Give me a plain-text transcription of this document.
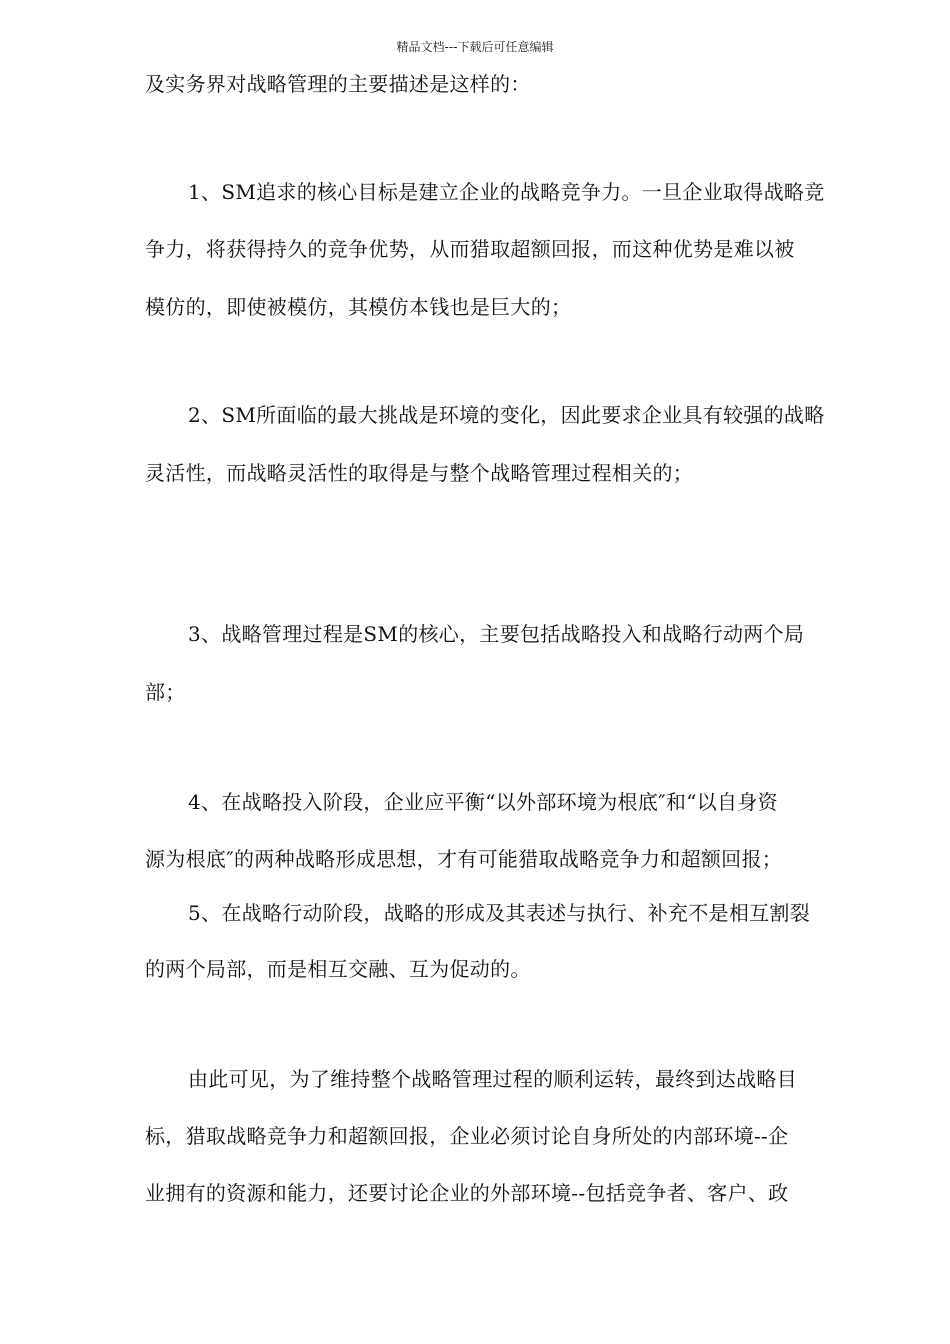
精品文档---下载后可任意编辑
及实务界对战略管理的主要描述是这样的：
1、SM追求的核心目标是建立企业的战略竞争力。一旦企业取得战略竞
争力，将获得持久的竞争优势，从而猎取超额回报，而这种优势是难以被
模仿的，即使被模仿，其模仿本钱也是巨大的；
2、SM所面临的最大挑战是环境的变化，因此要求企业具有较强的战略
灵活性，而战略灵活性的取得是与整个战略管理过程相关的；
3、战略管理过程是SM的核心，主要包括战略投入和战略行动两个局
部；
4、在战略投入阶段，企业应平衡“以外部环境为根底″和“以自身资
源为根底″的两种战略形成思想，才有可能猎取战略竞争力和超额回报；
5、在战略行动阶段，战略的形成及其表述与执行、补充不是相互割裂
的两个局部，而是相互交融、互为促动的。
由此可见，为了维持整个战略管理过程的顺利运转，最终到达战略目
标，猎取战略竞争力和超额回报，企业必须讨论自身所处的内部环境--企
业拥有的资源和能力，还要讨论企业的外部环境--包括竞争者、客户、政
